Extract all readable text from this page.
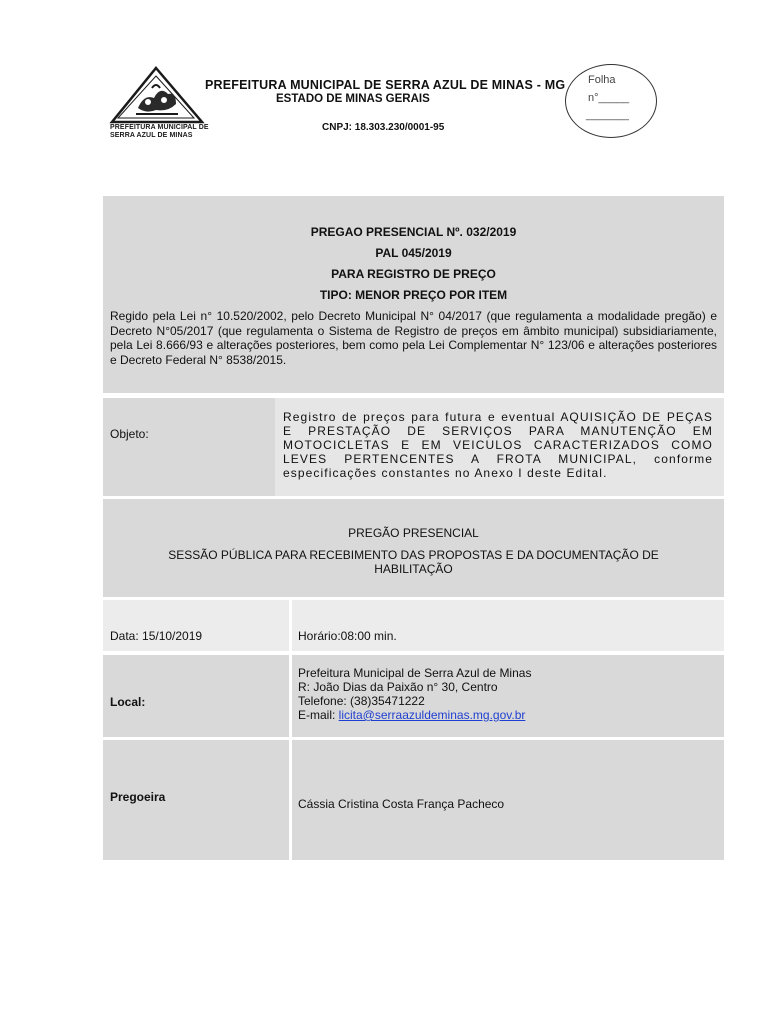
PREFEITURA MUNICIPAL DE
SERRA AZUL DE MINAS
PREFEITURA MUNICIPAL DE SERRA AZUL DE MINAS - MG
ESTADO DE MINAS GERAIS
CNPJ: 18.303.230/0001-95
Folha
n°_____
_______
PREGAO PRESENCIAL Nº. 032/2019
PAL 045/2019
PARA REGISTRO DE PREÇO
TIPO: MENOR PREÇO POR ITEM
Regido pela Lei n° 10.520/2002, pelo Decreto Municipal N° 04/2017 (que regulamenta a modalidade pregão) e Decreto N°05/2017 (que regulamenta o Sistema de Registro de preços em âmbito municipal) subsidiariamente, pela Lei 8.666/93 e alterações posteriores, bem como pela Lei Complementar N° 123/06 e alterações posteriores e Decreto Federal N° 8538/2015.
Objeto:
Registro de preços para futura e eventual AQUISIÇÃO DE PEÇAS E PRESTAÇÃO DE SERVIÇOS PARA MANUTENÇÃO EM MOTOCICLETAS E EM VEICULOS CARACTERIZADOS COMO LEVES PERTENCENTES A FROTA MUNICIPAL, conforme especificações constantes no Anexo I deste Edital.
PREGÃO PRESENCIAL
SESSÃO PÚBLICA PARA RECEBIMENTO DAS PROPOSTAS E DA DOCUMENTAÇÃO DE HABILITAÇÃO
Data: 15/10/2019	Horário:08:00 min.
Local:
Prefeitura Municipal de Serra Azul de Minas
R: João Dias da Paixão n° 30, Centro
Telefone: (38)35471222
E-mail: licita@serraazuldeminas.mg.gov.br
Pregoeira	Cássia Cristina Costa França Pacheco
